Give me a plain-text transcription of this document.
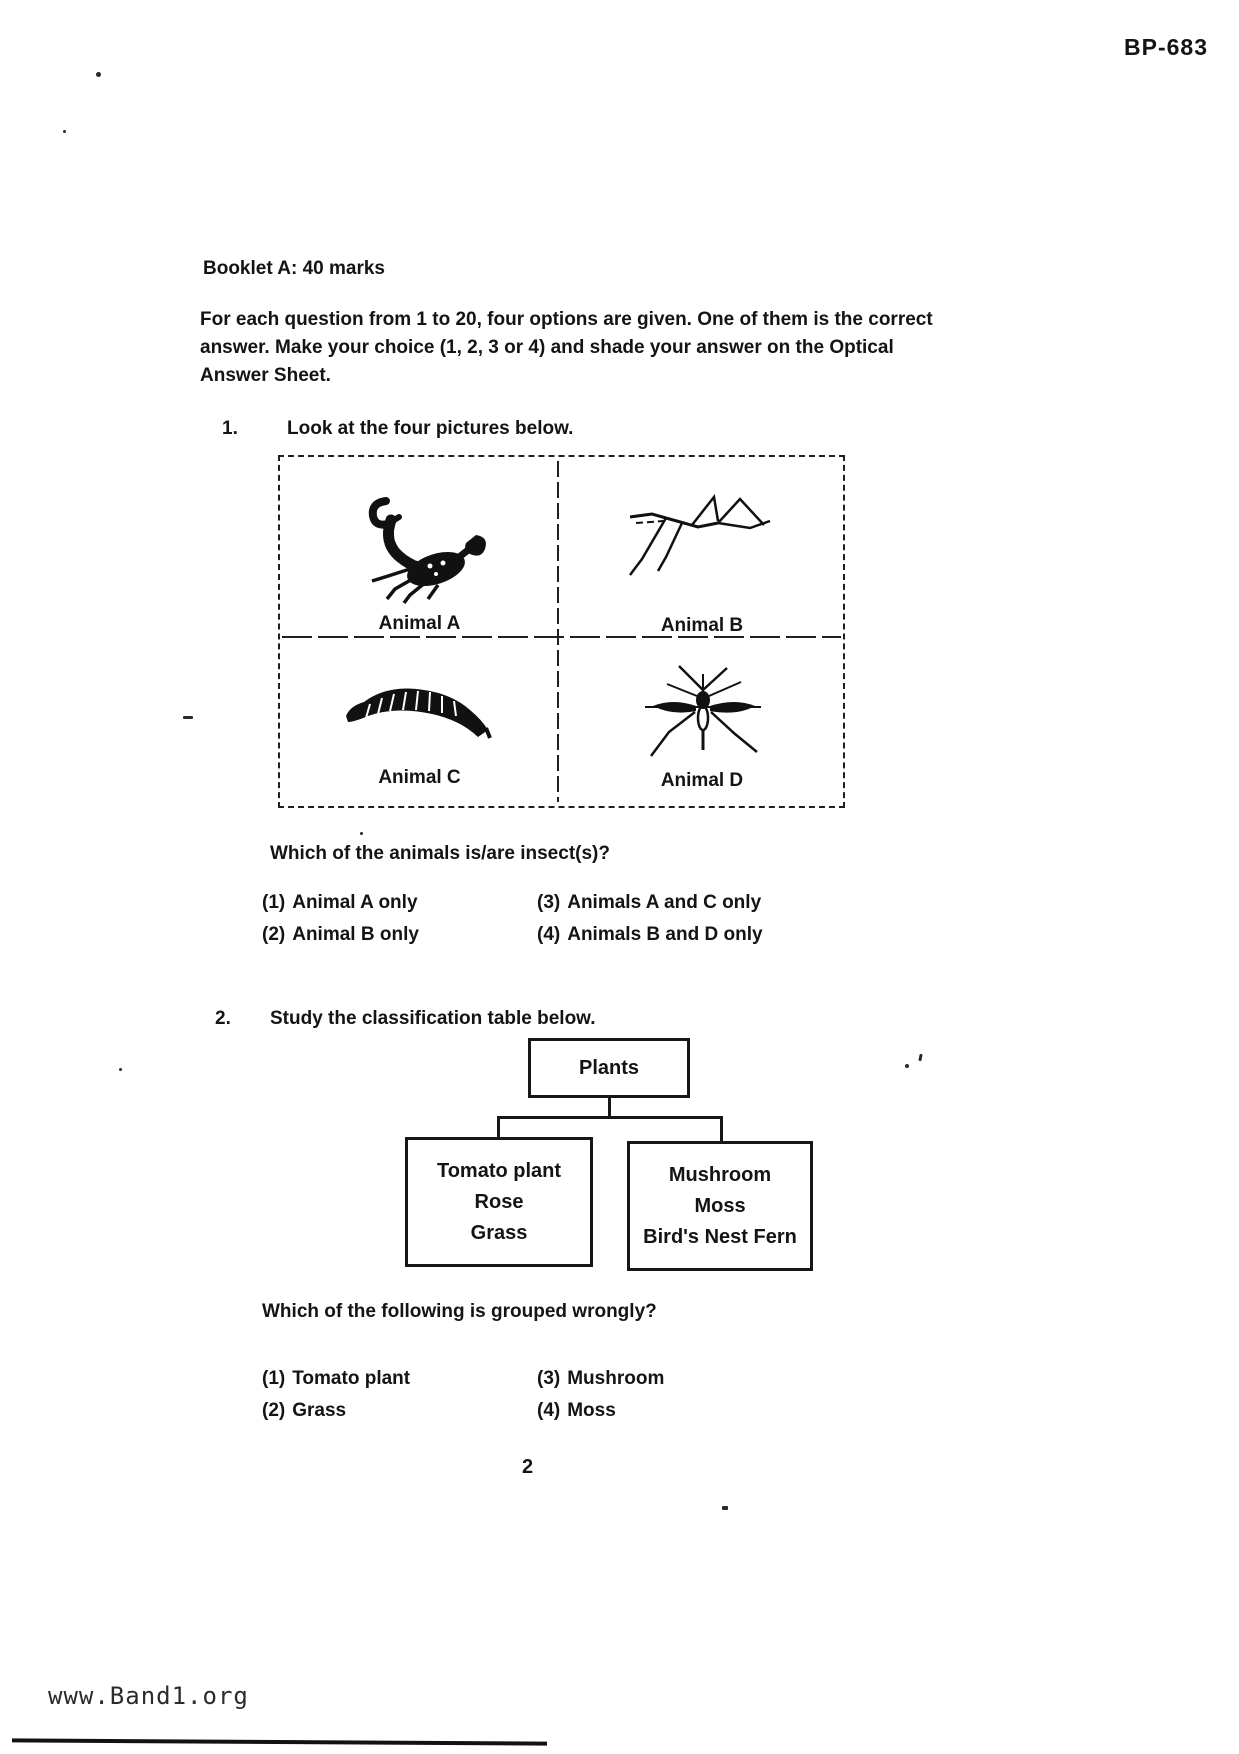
BP-683
Booklet A: 40 marks
For each question from 1 to 20, four options are given. One of them is the correct
answer. Make your choice (1, 2, 3 or 4) and shade your answer on the Optical
Answer Sheet.
1.	Look at the four pictures below.
Animal A	Animal B
Animal C	Animal D
Which of the animals is/are insect(s)?
(1) Animal A only
(2) Animal B only
(3) Animals A and C only
(4) Animals B and D only
2. Study the classification table below.
Plants
Tomato plant
Rose
Grass
Mushroom
Moss
Bird's Nest Fern
Which of the following is grouped wrongly?
(1) Tomato plant
(2) Grass
(3) Mushroom
(4) Moss
2
www.Band1.org
